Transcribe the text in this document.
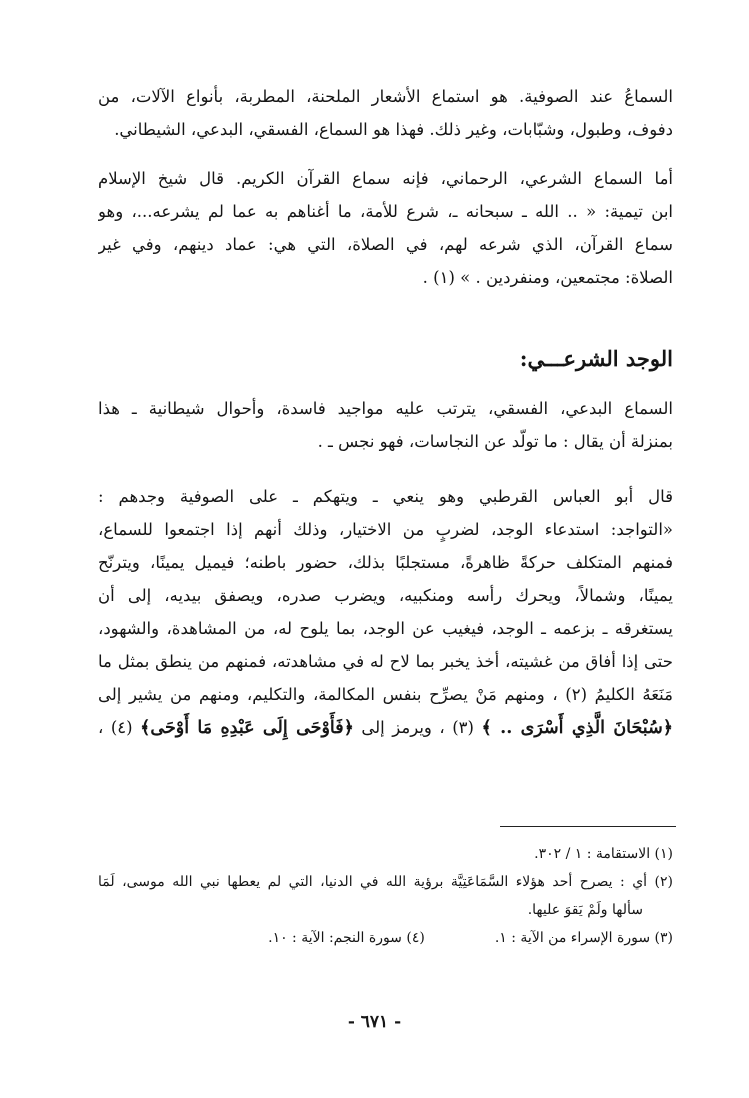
السماعُ عند الصوفية. هو استماع الأشعار الملحنة، المطربة، بأنواع الآلات، من
دفوف، وطبول، وشبّابات، وغير ذلك. فهذا هو السماع، الفسقي، البدعي، الشيطاني.
أما السماع الشرعي، الرحماني، فإنه سماع القرآن الكريم. قال شيخ الإسلام
ابن تيمية: « .. الله ـ سبحانه ـ، شرع للأمة، ما أغناهم به عما لم يشرعه...، وهو
سماع القرآن، الذي شرعه لهم، في الصلاة، التي هي: عماد دينهم، وفي غير
الصلاة: مجتمعين، ومنفردين . » (١) .
الوجد الشرعـــي:
السماع البدعي، الفسقي، يترتب عليه مواجيد فاسدة، وأحوال شيطانية ـ هذا
بمنزلة أن يقال : ما تولّد عن النجاسات، فهو نجس ـ .
قال أبو العباس القرطبي وهو ينعي ـ ويتهكم ـ على الصوفية وجدهم :
«التواجد: استدعاء الوجد، لضربٍ من الاختيار، وذلك أنهم إذا اجتمعوا للسماع،
فمنهم المتكلف حركةً ظاهرةً، مستجلبًا بذلك، حضور باطنه؛ فيميل يمينًا، ويترنّح
يمينًا، وشمالاً، ويحرك رأسه ومنكبيه، ويضرب صدره، ويصفق بيديه، إلى أن
يستغرقه ـ بزعمه ـ الوجد، فيغيب عن الوجد، بما يلوح له، من المشاهدة، والشهود،
حتى إذا أفاق من غشيته، أخذ يخبر بما لاح له في مشاهدته، فمنهم من ينطق بمثل ما
مَنَعَهُ الكليمُ (٢) ، ومنهم مَنْ يصرِّح بنفس المكالمة، والتكليم، ومنهم من يشير إلى
﴿سُبْحَانَ الَّذِي أَسْرَى .. ﴾ (٣) ، ويرمز إلى ﴿فَأَوْحَى إِلَى عَبْدِهِ مَا أَوْحَى﴾ (٤) ،
(١) الاستقامة : ١ / ٣٠٢.
(٢) أي : يصرح أحد هؤلاء السَّمَاعَتِيَّة برؤية الله في الدنيا، التي لم يعطها نبي الله موسى، لَمَا
سألها ولَمْ يَقوَ عليها.
(٣) سورة الإسراء من الآية : ١.
(٤) سورة النجم: الآية : ١٠.
- ٦٧١ -
